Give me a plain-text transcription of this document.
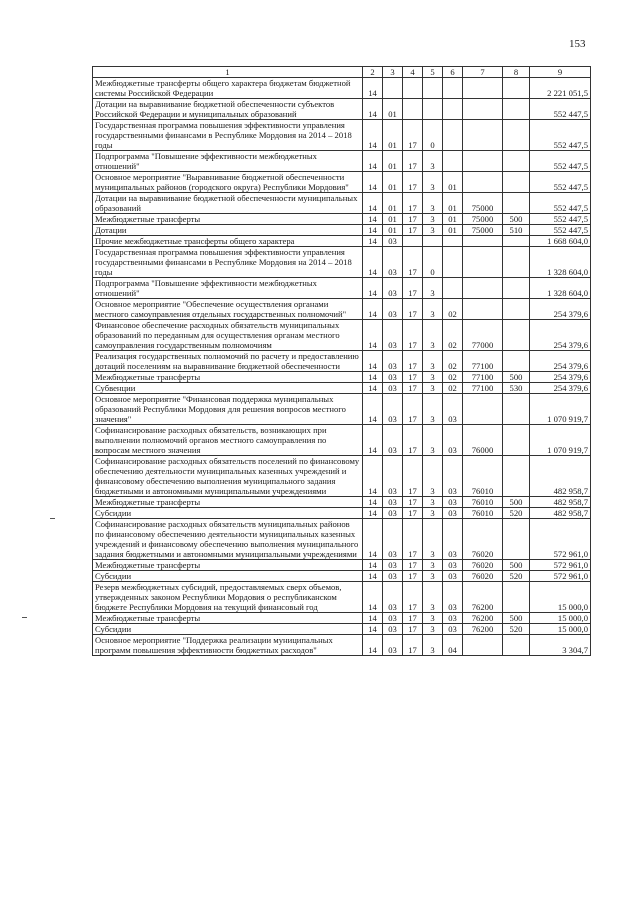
153
1	2	3	4	5	6	7	8	9
Межбюджетные трансферты общего характера бюджетам бюджетной системы Российской Федерации	14							2 221 051,5
Дотации на выравнивание бюджетной обеспеченности субъектов Российской Федерации и муниципальных образований	14	01						552 447,5
Государственная программа повышения эффективности управления государственными финансами в Республике Мордовия на 2014 – 2018 годы	14	01	17	0				552 447,5
Подпрограмма "Повышение эффективности межбюджетных отношений"	14	01	17	3				552 447,5
Основное мероприятие "Выравнивание бюджетной обеспеченности муниципальных районов (городского округа) Республики Мордовия"	14	01	17	3	01			552 447,5
Дотации на выравнивание бюджетной обеспеченности муниципальных образований	14	01	17	3	01	75000		552 447,5
Межбюджетные трансферты	14	01	17	3	01	75000	500	552 447,5
Дотации	14	01	17	3	01	75000	510	552 447,5
Прочие межбюджетные трансферты общего характера	14	03						1 668 604,0
Государственная программа повышения эффективности управления государственными финансами в Республике Мордовия на 2014 – 2018 годы	14	03	17	0				1 328 604,0
Подпрограмма "Повышение эффективности межбюджетных отношений"	14	03	17	3				1 328 604,0
Основное мероприятие "Обеспечение осуществления органами местного самоуправления отдельных государственных полномочий"	14	03	17	3	02			254 379,6
Финансовое обеспечение расходных обязательств муниципальных образований по переданным для осуществления органам местного самоуправления государственным полномочиям	14	03	17	3	02	77000		254 379,6
Реализация государственных полномочий по расчету и предоставлению дотаций поселениям на выравнивание бюджетной обеспеченности	14	03	17	3	02	77100		254 379,6
Межбюджетные трансферты	14	03	17	3	02	77100	500	254 379,6
Субвенции	14	03	17	3	02	77100	530	254 379,6
Основное мероприятие "Финансовая поддержка муниципальных образований Республики Мордовия для решения вопросов местного значения"	14	03	17	3	03			1 070 919,7
Софинансирование расходных обязательств, возникающих при выполнении полномочий органов местного самоуправления по вопросам местного значения	14	03	17	3	03	76000		1 070 919,7
Софинансирование расходных обязательств поселений по финансовому обеспечению деятельности муниципальных казенных учреждений и финансовому обеспечению выполнения муниципального задания бюджетными и автономными муниципальными учреждениями	14	03	17	3	03	76010		482 958,7
Межбюджетные трансферты	14	03	17	3	03	76010	500	482 958,7
Субсидии	14	03	17	3	03	76010	520	482 958,7
Софинансирование расходных обязательств муниципальных районов по финансовому обеспечению деятельности муниципальных казенных учреждений и финансовому обеспечению выполнения муниципального задания бюджетными и автономными муниципальными учреждениями	14	03	17	3	03	76020		572 961,0
Межбюджетные трансферты	14	03	17	3	03	76020	500	572 961,0
Субсидии	14	03	17	3	03	76020	520	572 961,0
Резерв межбюджетных субсидий, предоставляемых сверх объемов, утвержденных законом Республики Мордовия о республиканском бюджете Республики Мордовия на текущий финансовый год	14	03	17	3	03	76200		15 000,0
Межбюджетные трансферты	14	03	17	3	03	76200	500	15 000,0
Субсидии	14	03	17	3	03	76200	520	15 000,0
Основное мероприятие "Поддержка реализации муниципальных программ повышения эффективности бюджетных расходов"	14	03	17	3	04			3 304,7
